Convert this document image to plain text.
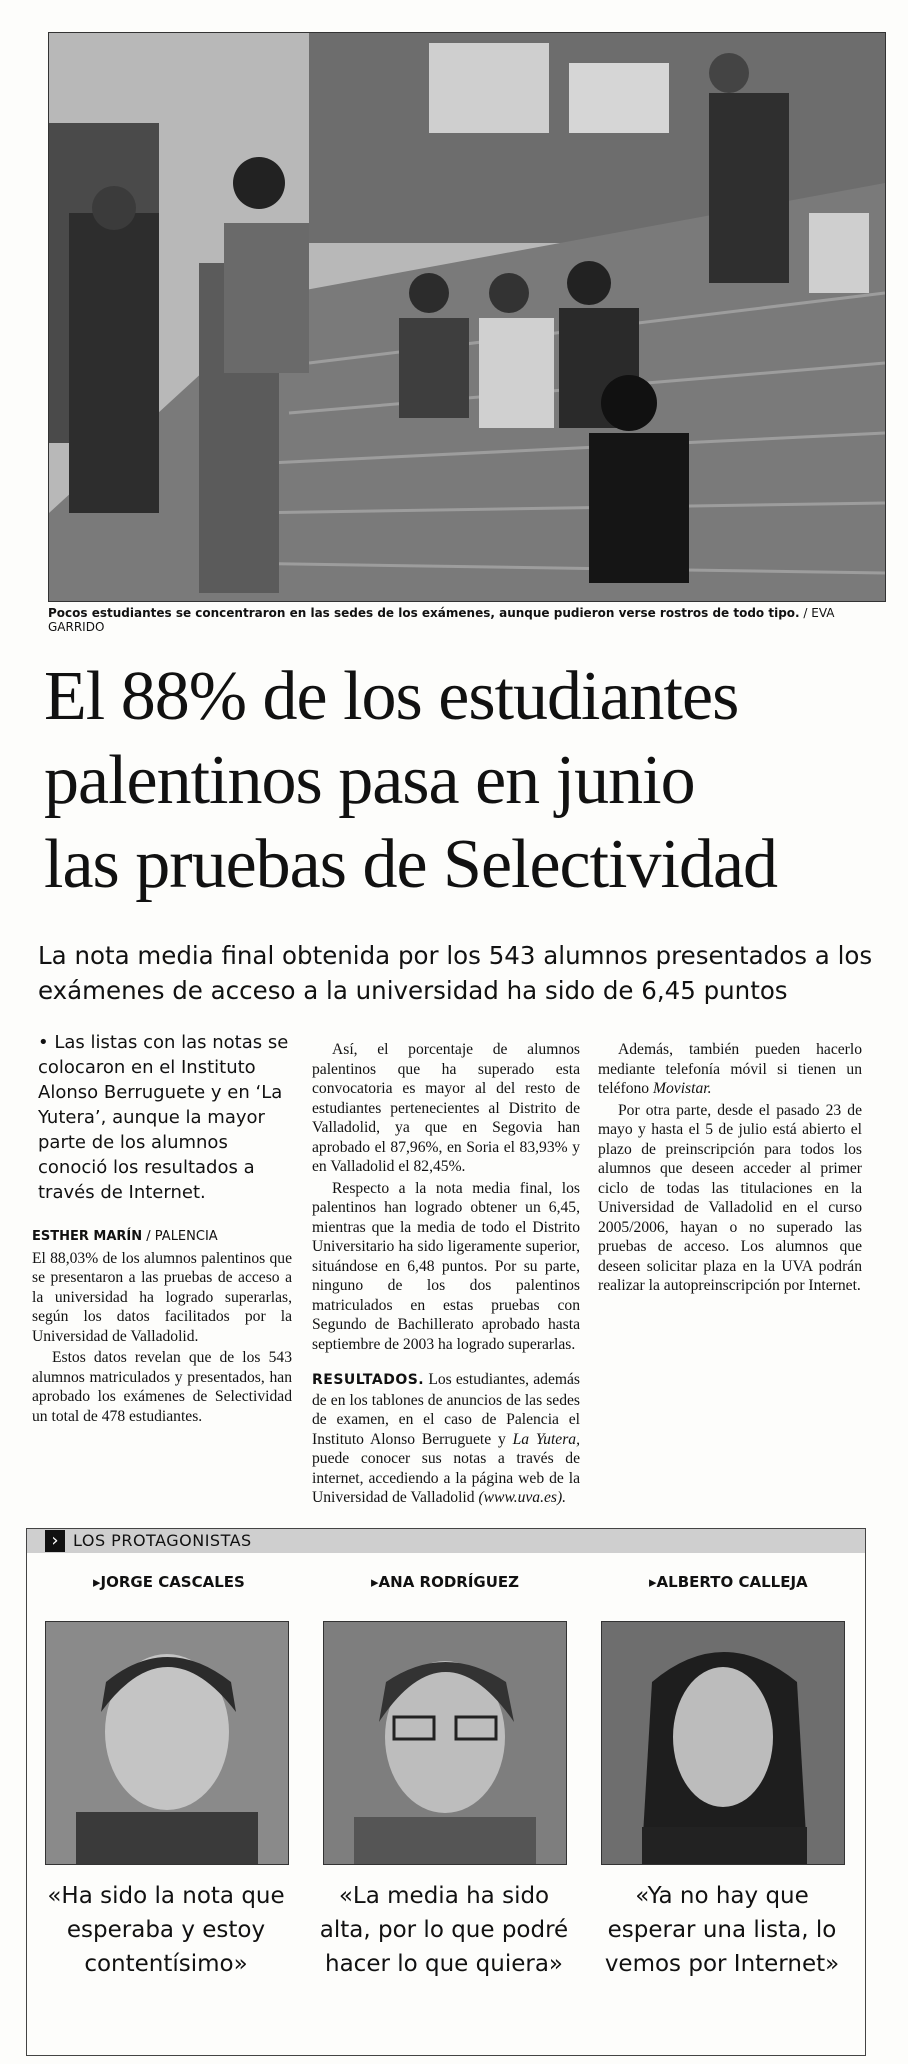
Pocos estudiantes se concentraron en las sedes de los exámenes, aunque pudieron verse rostros de todo tipo. / EVA GARRIDO
El 88% de los estudiantes
palentinos pasa en junio
las pruebas de Selectividad
La nota media final obtenida por los 543 alumnos presentados a los
exámenes de acceso a la universidad ha sido de 6,45 puntos
• Las listas con las notas se colocaron en el Instituto Alonso Berruguete y en ‘La Yutera’, aunque la mayor parte de los alumnos conoció los resultados a través de Internet.
ESTHER MARÍN / PALENCIA

El 88,03% de los alumnos palentinos que se presentaron a las pruebas de acceso a la universidad ha logrado superarlas, según los datos facilitados por la Universidad de Valladolid.

Estos datos revelan que de los 543 alumnos matriculados y presentados, han aprobado los exámenes de Selectividad un total de 478 estudiantes.

Así, el porcentaje de alumnos palentinos que ha superado esta convocatoria es mayor al del resto de estudiantes pertenecientes al Distrito de Valladolid, ya que en Segovia han aprobado el 87,96%, en Soria el 83,93% y en Valladolid el 82,45%.

Respecto a la nota media final, los palentinos han logrado obtener un 6,45, mientras que la media de todo el Distrito Universitario ha sido ligeramente superior, situándose en 6,48 puntos. Por su parte, ninguno de los dos palentinos matriculados en estas pruebas con Segundo de Bachillerato aprobado hasta septiembre de 2003 ha logrado superarlas.

RESULTADOS. Los estudiantes, además de en los tablones de anuncios de las sedes de examen, en el caso de Palencia el Instituto Alonso Berruguete y La Yutera, puede conocer sus notas a través de internet, accediendo a la página web de la Universidad de Valladolid (www.uva.es).

Además, también pueden hacerlo mediante telefonía móvil si tienen un teléfono Movistar.

Por otra parte, desde el pasado 23 de mayo y hasta el 5 de julio está abierto el plazo de preinscripción para todos los alumnos que deseen acceder al primer ciclo de todas las titulaciones en la Universidad de Valladolid en el curso 2005/2006, hayan o no superado las pruebas de acceso. Los alumnos que deseen solicitar plaza en la UVA podrán realizar la autopreinscripción por Internet.

› LOS PROTAGONISTAS
▸JORGE CASCALES	▸ANA RODRÍGUEZ	▸ALBERTO CALLEJA
«Ha sido la nota que esperaba y estoy contentísimo»
«La media ha sido alta, por lo que podré hacer lo que quiera»
«Ya no hay que esperar una lista, lo vemos por Internet»
